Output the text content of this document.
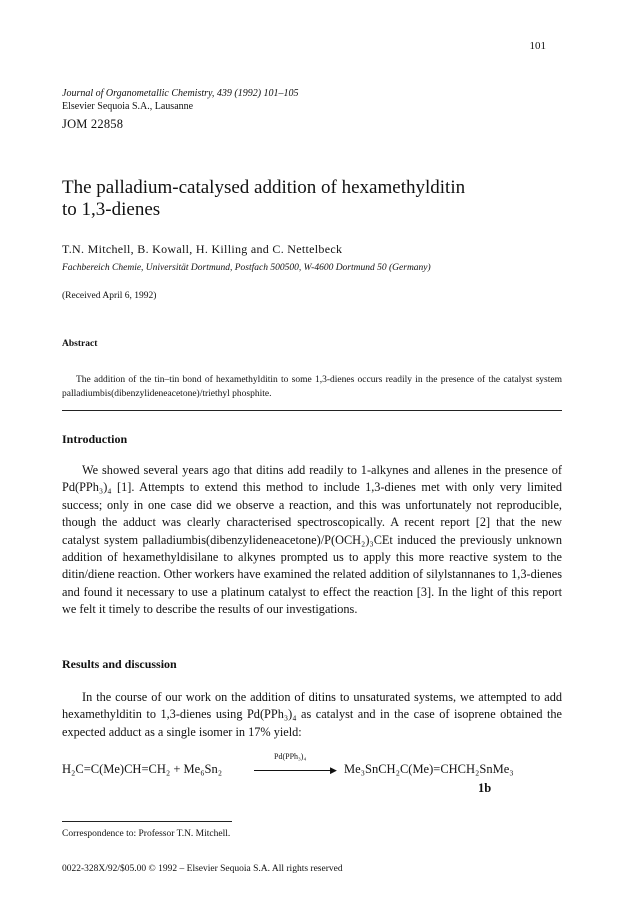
101
Journal of Organometallic Chemistry, 439 (1992) 101–105
Elsevier Sequoia S.A., Lausanne
JOM 22858
The palladium-catalysed addition of hexamethylditin
to 1,3-dienes
T.N. Mitchell, B. Kowall, H. Killing and C. Nettelbeck
Fachbereich Chemie, Universität Dortmund, Postfach 500500, W-4600 Dortmund 50 (Germany)
(Received April 6, 1992)
Abstract
The addition of the tin–tin bond of hexamethylditin to some 1,3-dienes occurs readily in the presence of the catalyst system palladiumbis(dibenzylideneacetone)/triethyl phosphite.
Introduction
We showed several years ago that ditins add readily to 1-alkynes and allenes in the presence of Pd(PPh₃)₄ [1]. Attempts to extend this method to include 1,3-dienes met with only very limited success; only in one case did we observe a reaction, and this was unfortunately not reproducible, though the adduct was clearly characterised spectroscopically. A recent report [2] that the new catalyst system palladiumbis(dibenzylideneacetone)/P(OCH₂)₃CEt induced the previously unknown addition of hexamethyldisilane to alkynes prompted us to apply this more reactive system to the ditin/diene reaction. Other workers have examined the related addition of silylstannanes to 1,3-dienes and found it necessary to use a platinum catalyst to effect the reaction [3]. In the light of this report we felt it timely to describe the results of our investigations.
Results and discussion
In the course of our work on the addition of ditins to unsaturated systems, we attempted to add hexamethylditin to 1,3-dienes using Pd(PPh₃)₄ as catalyst and in the case of isoprene obtained the expected adduct as a single isomer in 17% yield:
H₂C=C(Me)CH=CH₂ + Me₆Sn₂
Pd(PPh₃)₄
▶ Me₃SnCH₂C(Me)=CHCH₂SnMe₃
1b
Correspondence to: Professor T.N. Mitchell.
0022-328X/92/$05.00 © 1992 – Elsevier Sequoia S.A. All rights reserved
